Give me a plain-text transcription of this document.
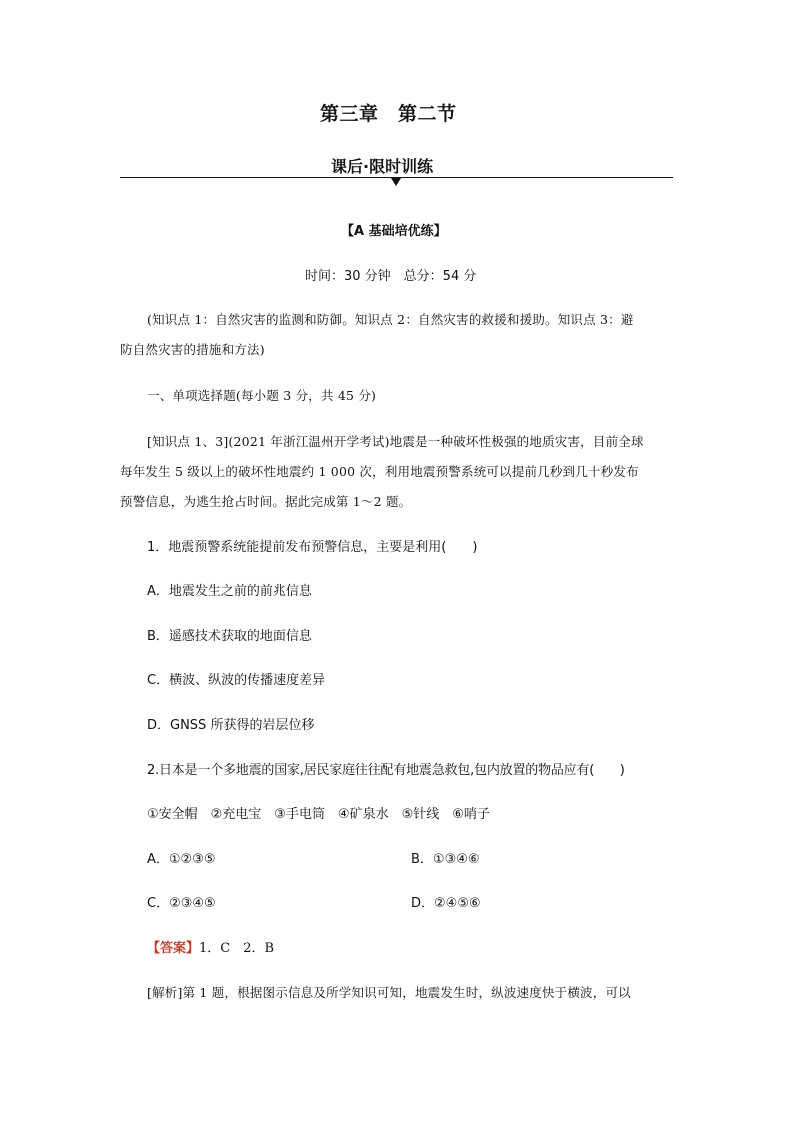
第三章　第二节
课后·限时训练
【A 基础培优练】
时间：30 分钟　总分：54 分
(知识点 1：自然灾害的监测和防御。知识点 2：自然灾害的救援和援助。知识点 3：避
防自然灾害的措施和方法)
一、单项选择题(每小题 3 分，共 45 分)
[知识点 1、3](2021 年浙江温州开学考试)地震是一种破坏性极强的地质灾害，目前全球
每年发生 5 级以上的破坏性地震约 1 000 次，利用地震预警系统可以提前几秒到几十秒发布
预警信息，为逃生抢占时间。据此完成第 1～2 题。
1．地震预警系统能提前发布预警信息，主要是利用(　　)
A．地震发生之前的前兆信息
B．遥感技术获取的地面信息
C．横波、纵波的传播速度差异
D．GNSS 所获得的岩层位移
2.日本是一个多地震的国家,居民家庭往往配有地震急救包,包内放置的物品应有(　　)
①安全帽　②充电宝　③手电筒　④矿泉水　⑤针线　⑥哨子
A．①②③⑤	B．①③④⑥
C．②③④⑤	D．②④⑤⑥
【答案】1．C　2．B
[解析]第 1 题，根据图示信息及所学知识可知，地震发生时，纵波速度快于横波，可以
